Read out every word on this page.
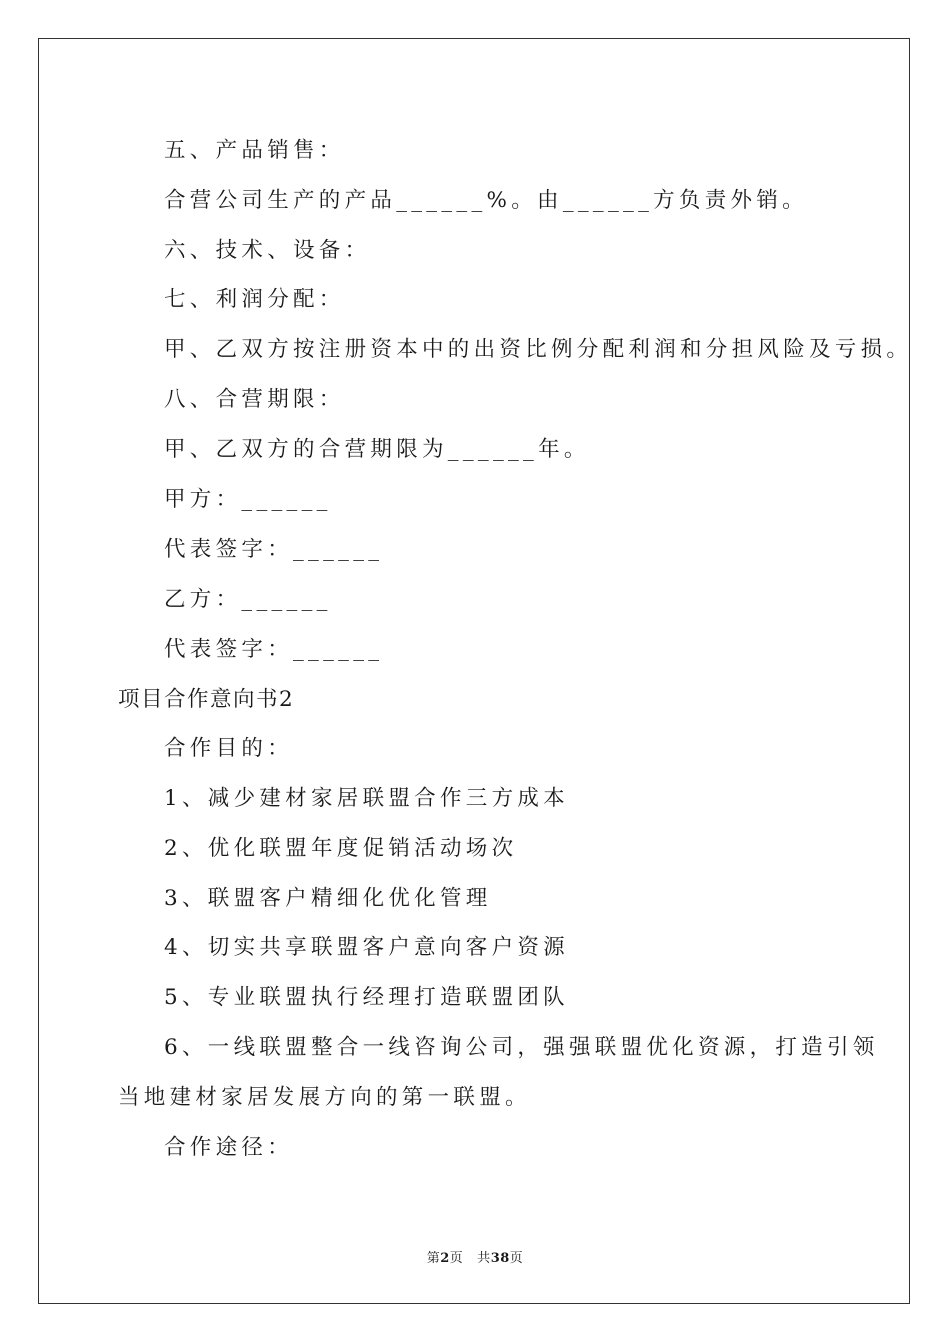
五、产品销售：
合营公司生产的产品______%。由______方负责外销。
六、技术、设备：
七、利润分配：
甲、乙双方按注册资本中的出资比例分配利润和分担风险及亏损。
八、合营期限：
甲、乙双方的合营期限为______年。
甲方：______
代表签字：______
乙方：______
代表签字：______
项目合作意向书2
合作目的：
1、减少建材家居联盟合作三方成本
2、优化联盟年度促销活动场次
3、联盟客户精细化优化管理
4、切实共享联盟客户意向客户资源
5、专业联盟执行经理打造联盟团队
6、一线联盟整合一线咨询公司，强强联盟优化资源，打造引领
当地建材家居发展方向的第一联盟。
合作途径：
第2页 共38页
